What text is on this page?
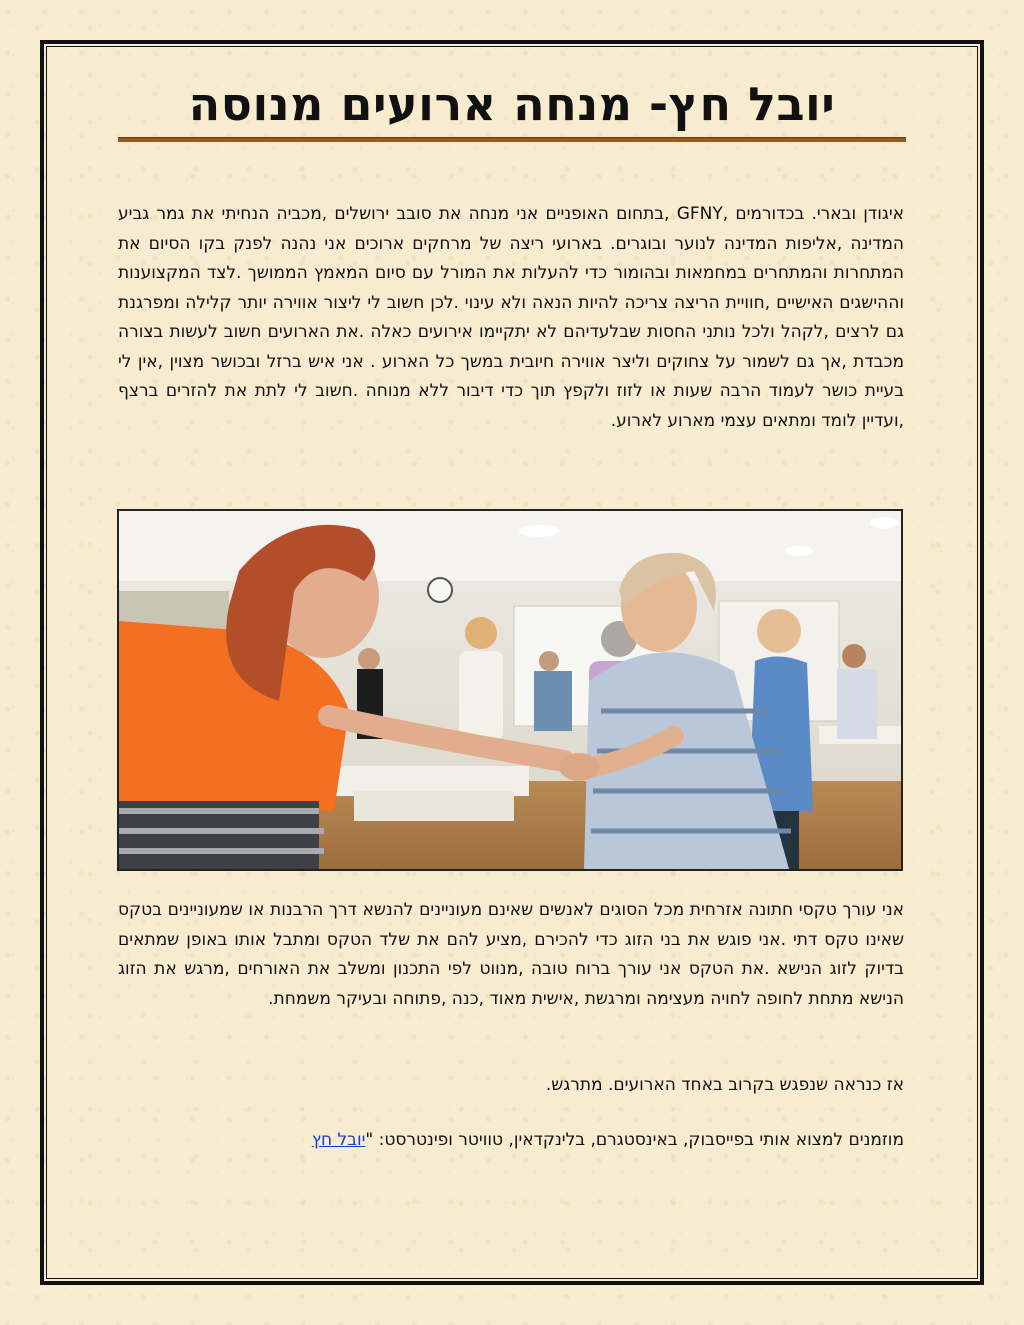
יובל חץ- מנחה ארועים מנוסה

איגודן ובארי. בכדורמים ,GFNY ,בתחום האופניים אני מנחה את סובב ירושלים ,מכביה הנחיתי את גמר גביע המדינה ,אליפות המדינה לנוער ובוגרים. בארועי ריצה של מרחקים ארוכים אני נהנה לפנק בקו הסיום את המתחרות והמתחרים במחמאות ובהומור כדי להעלות את המורל עם סיום המאמץ הממושך .לצד המקצוענות וההישגים האישיים ,חוויית הריצה צריכה להיות הנאה ולא עינוי .לכן חשוב לי ליצור אווירה יותר קלילה ומפרגנת גם לרצים ,לקהל ולכל נותני החסות שבלעדיהם לא יתקיימו אירועים כאלה .את הארועים חשוב לעשות בצורה מכבדת ,אך גם לשמור על צחוקים וליצר אווירה חיובית במשך כל הארוע . אני איש ברזל ובכושר מצוין ,אין לי בעיית כושר לעמוד הרבה שעות או לזוז ולקפץ תוך כדי דיבור ללא מנוחה .חשוב לי לתת את להזרים ברצף ,ועדיין לומד ומתאים עצמי מארוע לארוע.

אני עורך טקסי חתונה אזרחית מכל הסוגים לאנשים שאינם מעוניינים להנשא דרך הרבנות או שמעוניינים בטקס שאינו טקס דתי .אני פוגש את בני הזוג כדי להכירם ,מציע להם את שלד הטקס ומתבל אותו באופן שמתאים בדיוק לזוג הנישא .את הטקס אני עורך ברוח טובה ,מנווט לפי התכנון ומשלב את האורחים ,מרגש את הזוג הנישא מתחת לחופה לחויה מעצימה ומרגשת ,אישית מאוד ,כנה ,פתוחה ובעיקר משמחת.

אז כנראה שנפגש בקרוב באחד הארועים. מתרגש.

מוזמנים למצוא אותי בפייסבוק, באינסטגרם, בלינקדאין, טוויטר ופינטרסט: "יובל חץ
